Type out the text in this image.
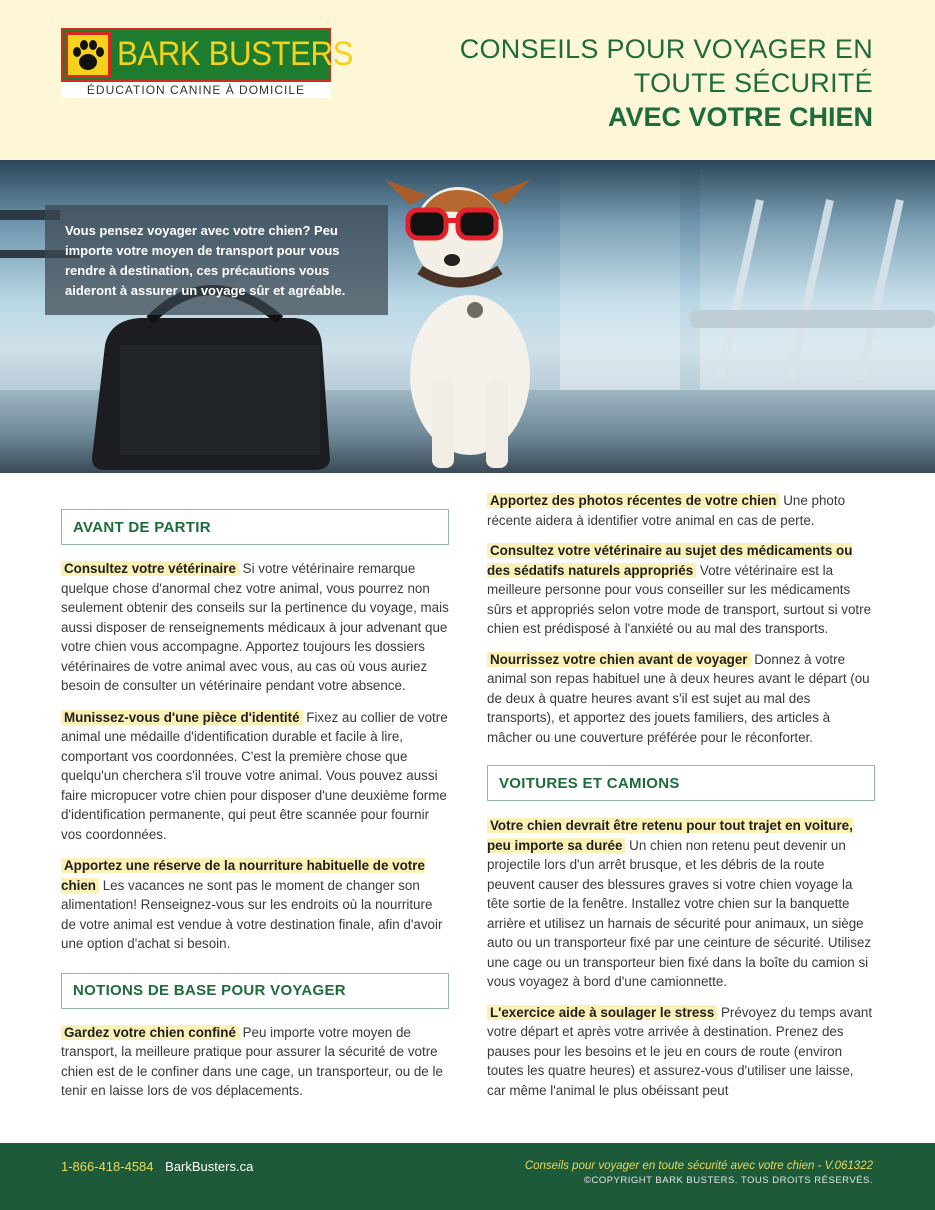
BARK BUSTERS
ÉDUCATION CANINE À DOMICILE
CONSEILS POUR VOYAGER EN
TOUTE SÉCURITÉ
AVEC VOTRE CHIEN

Vous pensez voyager avec votre chien? Peu importe votre moyen de transport pour vous rendre à destination, ces précautions vous aideront à assurer un voyage sûr et agréable.

AVANT DE PARTIR

Consultez votre vétérinaire Si votre vétérinaire remarque quelque chose d'anormal chez votre animal, vous pourrez non seulement obtenir des conseils sur la pertinence du voyage, mais aussi disposer de renseignements médicaux à jour advenant que votre chien vous accompagne. Apportez toujours les dossiers vétérinaires de votre animal avec vous, au cas où vous auriez besoin de consulter un vétérinaire pendant votre absence.

Munissez-vous d'une pièce d'identité Fixez au collier de votre animal une médaille d'identification durable et facile à lire, comportant vos coordonnées. C'est la première chose que quelqu'un cherchera s'il trouve votre animal. Vous pouvez aussi faire micropucer votre chien pour disposer d'une deuxième forme d'identification permanente, qui peut être scannée pour fournir vos coordonnées.

Apportez une réserve de la nourriture habituelle de votre chien Les vacances ne sont pas le moment de changer son alimentation! Renseignez-vous sur les endroits où la nourriture de votre animal est vendue à votre destination finale, afin d'avoir une option d'achat si besoin.

NOTIONS DE BASE POUR VOYAGER

Gardez votre chien confiné Peu importe votre moyen de transport, la meilleure pratique pour assurer la sécurité de votre chien est de le confiner dans une cage, un transporteur, ou de le tenir en laisse lors de vos déplacements.

Apportez des photos récentes de votre chien Une photo récente aidera à identifier votre animal en cas de perte.

Consultez votre vétérinaire au sujet des médicaments ou des sédatifs naturels appropriés Votre vétérinaire est la meilleure personne pour vous conseiller sur les médicaments sûrs et appropriés selon votre mode de transport, surtout si votre chien est prédisposé à l'anxiété ou au mal des transports.

Nourrissez votre chien avant de voyager Donnez à votre animal son repas habituel une à deux heures avant le départ (ou de deux à quatre heures avant s'il est sujet au mal des transports), et apportez des jouets familiers, des articles à mâcher ou une couverture préférée pour le réconforter.

VOITURES ET CAMIONS

Votre chien devrait être retenu pour tout trajet en voiture, peu importe sa durée Un chien non retenu peut devenir un projectile lors d'un arrêt brusque, et les débris de la route peuvent causer des blessures graves si votre chien voyage la tête sortie de la fenêtre. Installez votre chien sur la banquette arrière et utilisez un harnais de sécurité pour animaux, un siège auto ou un transporteur fixé par une ceinture de sécurité. Utilisez une cage ou un transporteur bien fixé dans la boîte du camion si vous voyagez à bord d'une camionnette.

L'exercice aide à soulager le stress Prévoyez du temps avant votre départ et après votre arrivée à destination. Prenez des pauses pour les besoins et le jeu en cours de route (environ toutes les quatre heures) et assurez-vous d'utiliser une laisse, car même l'animal le plus obéissant peut

1-866-418-4584 BarkBusters.ca	Conseils pour voyager en toute sécurité avec votre chien - V.061322
©COPYRIGHT BARK BUSTERS. TOUS DROITS RÉSERVÉS.
